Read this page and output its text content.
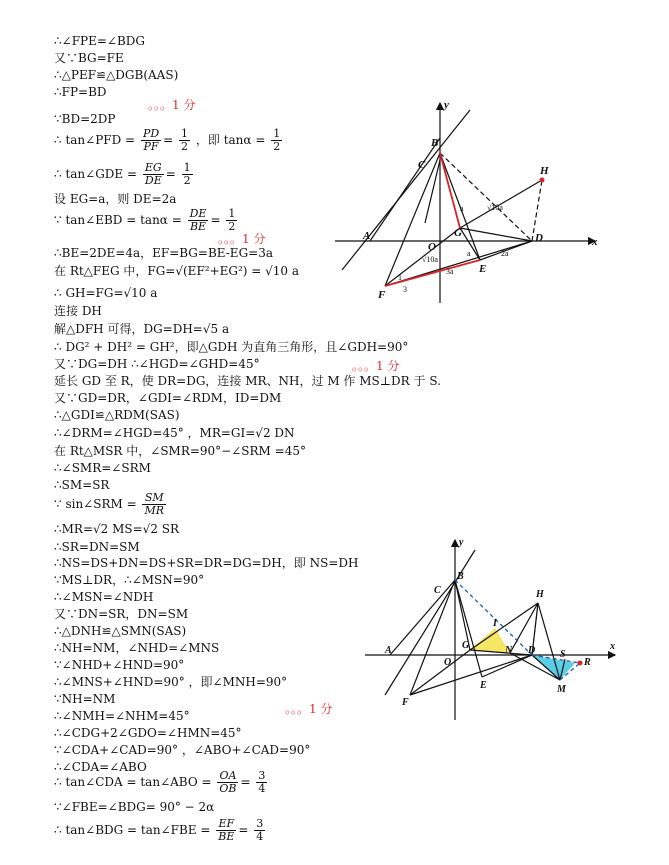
∴∠FPE=∠BDG
又∵BG=FE
∴△PEF≌△DGB(AAS)
∴FP=BD
。。。1 分
∵BD=2DP
∴ tan∠PFD = $\frac{PD}{PF} = \frac{1}{2}$ ，即 $\tan\alpha = \frac{1}{2}$
∴ tan∠GDE = $\frac{EG}{DE} = \frac{1}{2}$
设 EG=a，则 DE=2a
∵ tan∠EBD = $\tan\alpha = \frac{DE}{BE} = \frac{1}{2}$
。。。1 分
∴BE=2DE=4a，EF=BG=BE-EG=3a
在 Rt△FEG 中，FG=√(EF²+EG²) = √10 a
∴ GH=FG=√10 a
连接 DH
解△DFH 可得，DG=DH=√5 a
∴ DG² + DH² = GH²，即△GDH 为直角三角形，且∠GDH=90°
又∵DG=DH ∴∠HGD=∠GHD=45°	。。。1 分
延长 GD 至 R，使 DR=DG，连接 MR、NH，过 M 作 MS⊥DR 于 S.
又∵GD=DR，∠GDI=∠RDM，ID=DM
∴△GDI≌△RDM(SAS)
∴∠DRM=∠HGD=45° ，MR=GI=√2 DN
在 Rt△MSR 中，∠SMR=90°−∠SRM =45°
∴∠SMR=∠SRM
∴SM=SR
∵ sin∠SRM = $\frac{SM}{MR}$
∴MR=√2 MS=√2 SR
∴SR=DN=SM
∴NS=DS+DN=DS+SR=DR=DG=DH，即 NS=DH
∵MS⊥DR，∴∠MSN=90°
∴∠MSN=∠NDH
又∵DN=SR，DN=SM
∴△DNH≌△SMN(SAS)
∴NH=NM，∠NHD=∠MNS
∵∠NHD+∠HND=90°
∴∠MNS+∠HND=90° ，即∠MNH=90°
∵NH=NM
∴∠NMH=∠NHM=45°	。。。1 分
∴∠CDG+2∠GDO=∠HMN=45°
∵∠CDA+∠CAD=90° ，∠ABO+∠CAD=90°
∴∠CDA=∠ABO
∴ tan∠CDA = tan∠ABO = $\frac{OA}{OB} = \frac{3}{4}$
∵∠FBE=∠BDG= 90° − 2α
∴ tan∠BDG = tan∠FBE = $\frac{EF}{BE} = \frac{3}{4}$
y
x
B
C	H
G	D
A
O
E
F
a	√10a
√10a
3a
2a
a
1
3
y
x
B
C	H
I
G	N D S
R
A
O
E	M
F
